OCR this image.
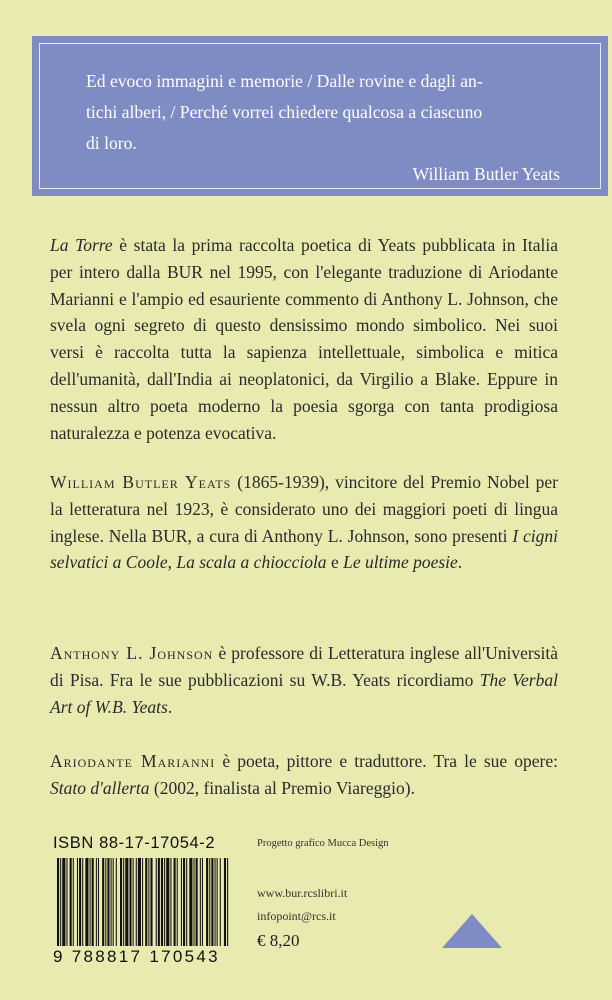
Ed evoco immagini e memorie / Dalle rovine e dagli an-
tichi alberi, / Perché vorrei chiedere qualcosa a ciascuno
di loro.
William Butler Yeats
La Torre è stata la prima raccolta poetica di Yeats pubblicata in Italia per intero dalla BUR nel 1995, con l'elegante traduzione di Ariodante Marianni e l'ampio ed esauriente commento di Anthony L. Johnson, che svela ogni segreto di questo densissimo mondo simbolico. Nei suoi versi è raccolta tutta la sapienza intellettuale, simbolica e mitica dell'umanità, dall'India ai neoplatonici, da Virgilio a Blake. Eppure in nessun altro poeta moderno la poesia sgorga con tanta prodigiosa naturalezza e potenza evocativa.
William Butler Yeats (1865-1939), vincitore del Premio Nobel per la letteratura nel 1923, è considerato uno dei maggiori poeti di lingua inglese. Nella BUR, a cura di Anthony L. Johnson, sono presenti I cigni selvatici a Coole, La scala a chiocciola e Le ultime poesie.
Anthony L. Johnson è professore di Letteratura inglese all'Università di Pisa. Fra le sue pubblicazioni su W.B. Yeats ricordiamo The Verbal Art of W.B. Yeats.
Ariodante Marianni è poeta, pittore e traduttore. Tra le sue opere: Stato d'allerta (2002, finalista al Premio Viareggio).
ISBN 88-17-17054-2
9 788817 170543
Progetto grafico Mucca Design
www.bur.rcslibri.it
infopoint@rcs.it
€ 8,20
